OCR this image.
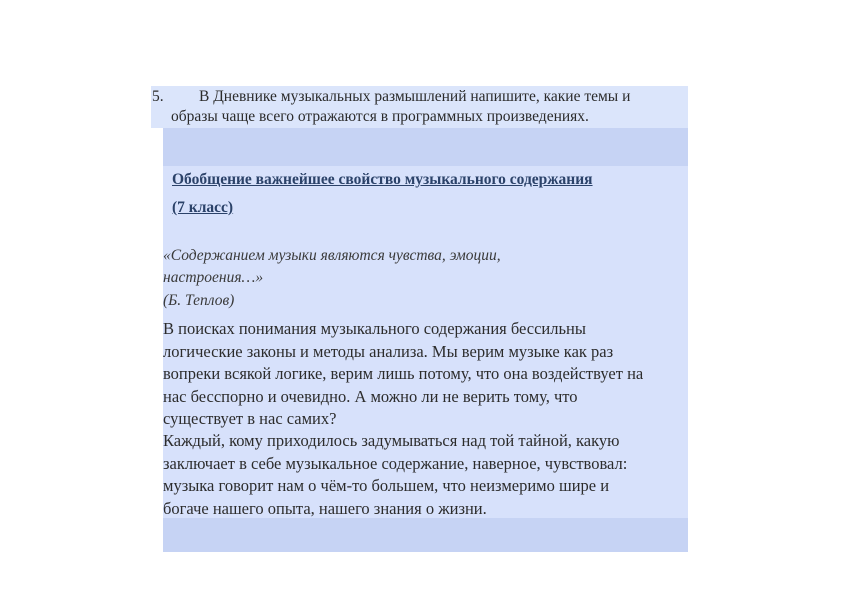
5. В Дневнике музыкальных размышлений напишите, какие темы и
образы чаще всего отражаются в программных произведениях.
Обобщение важнейшее свойство музыкального содержания
(7 класс)
«Содержанием музыки являются чувства, эмоции,
настроения…»
(Б. Теплов)
В поисках понимания музыкального содержания бессильны
логические законы и методы анализа. Мы верим музыке как раз
вопреки всякой логике, верим лишь потому, что она воздействует на
нас бесспорно и очевидно. А можно ли не верить тому, что
существует в нас самих?
Каждый, кому приходилось задумываться над той тайной, какую
заключает в себе музыкальное содержание, наверное, чувствовал:
музыка говорит нам о чём-то большем, что неизмеримо шире и
богаче нашего опыта, нашего знания о жизни.
